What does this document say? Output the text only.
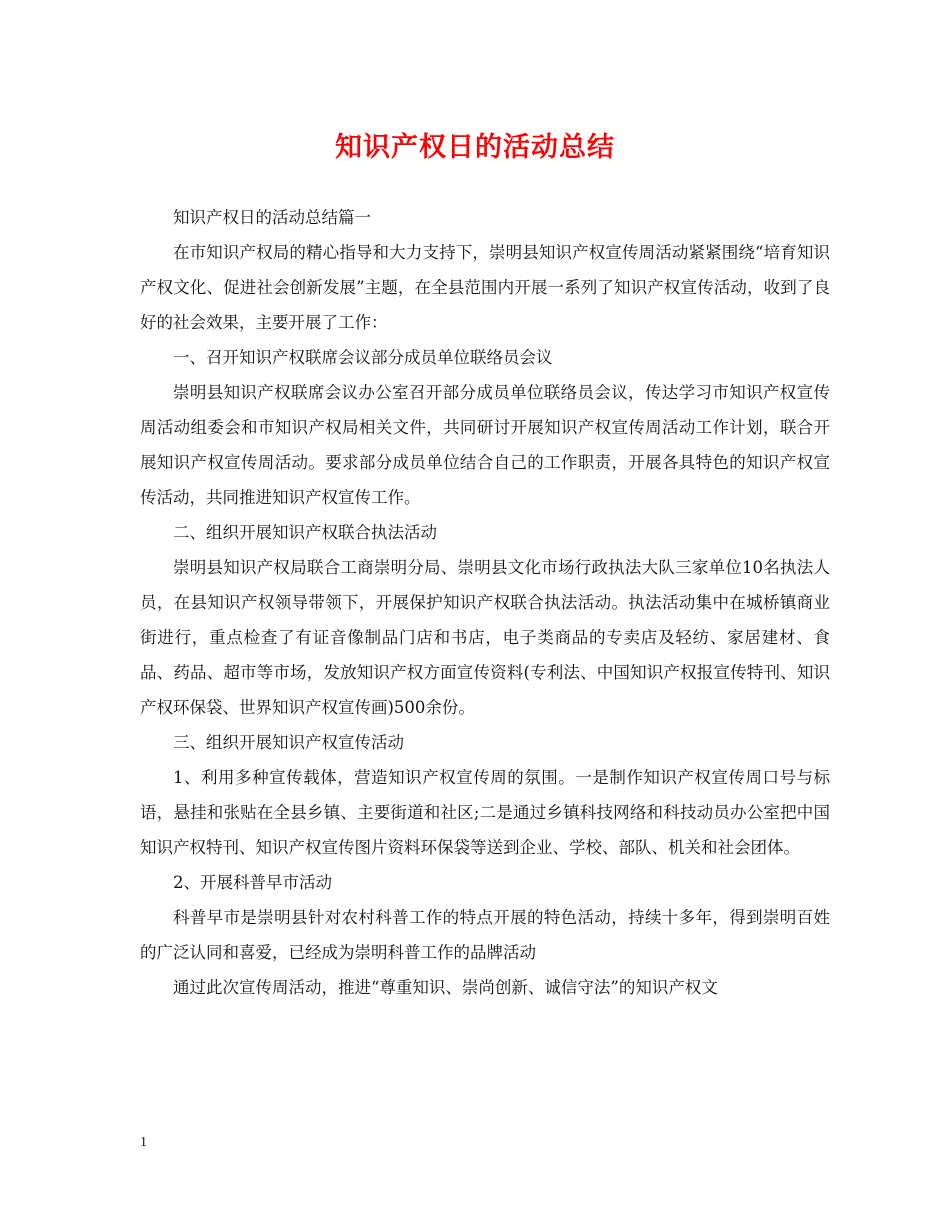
知识产权日的活动总结

知识产权日的活动总结篇一

在市知识产权局的精心指导和大力支持下，崇明县知识产权宣传周活动紧紧围绕“培育知识产权文化、促进社会创新发展”主题，在全县范围内开展一系列了知识产权宣传活动，收到了良好的社会效果，主要开展了工作：

一、召开知识产权联席会议部分成员单位联络员会议

崇明县知识产权联席会议办公室召开部分成员单位联络员会议，传达学习市知识产权宣传周活动组委会和市知识产权局相关文件，共同研讨开展知识产权宣传周活动工作计划，联合开展知识产权宣传周活动。要求部分成员单位结合自己的工作职责，开展各具特色的知识产权宣传活动，共同推进知识产权宣传工作。

二、组织开展知识产权联合执法活动

崇明县知识产权局联合工商崇明分局、崇明县文化市场行政执法大队三家单位10名执法人员，在县知识产权领导带领下，开展保护知识产权联合执法活动。执法活动集中在城桥镇商业街进行，重点检查了有证音像制品门店和书店，电子类商品的专卖店及轻纺、家居建材、食品、药品、超市等市场，发放知识产权方面宣传资料(专利法、中国知识产权报宣传特刊、知识产权环保袋、世界知识产权宣传画)500余份。

三、组织开展知识产权宣传活动

1、利用多种宣传载体，营造知识产权宣传周的氛围。一是制作知识产权宣传周口号与标语，悬挂和张贴在全县乡镇、主要街道和社区;二是通过乡镇科技网络和科技动员办公室把中国知识产权特刊、知识产权宣传图片资料环保袋等送到企业、学校、部队、机关和社会团体。

2、开展科普早市活动

科普早市是崇明县针对农村科普工作的特点开展的特色活动，持续十多年，得到崇明百姓的广泛认同和喜爱，已经成为崇明科普工作的品牌活动

通过此次宣传周活动，推进“尊重知识、崇尚创新、诚信守法”的知识产权文

1
